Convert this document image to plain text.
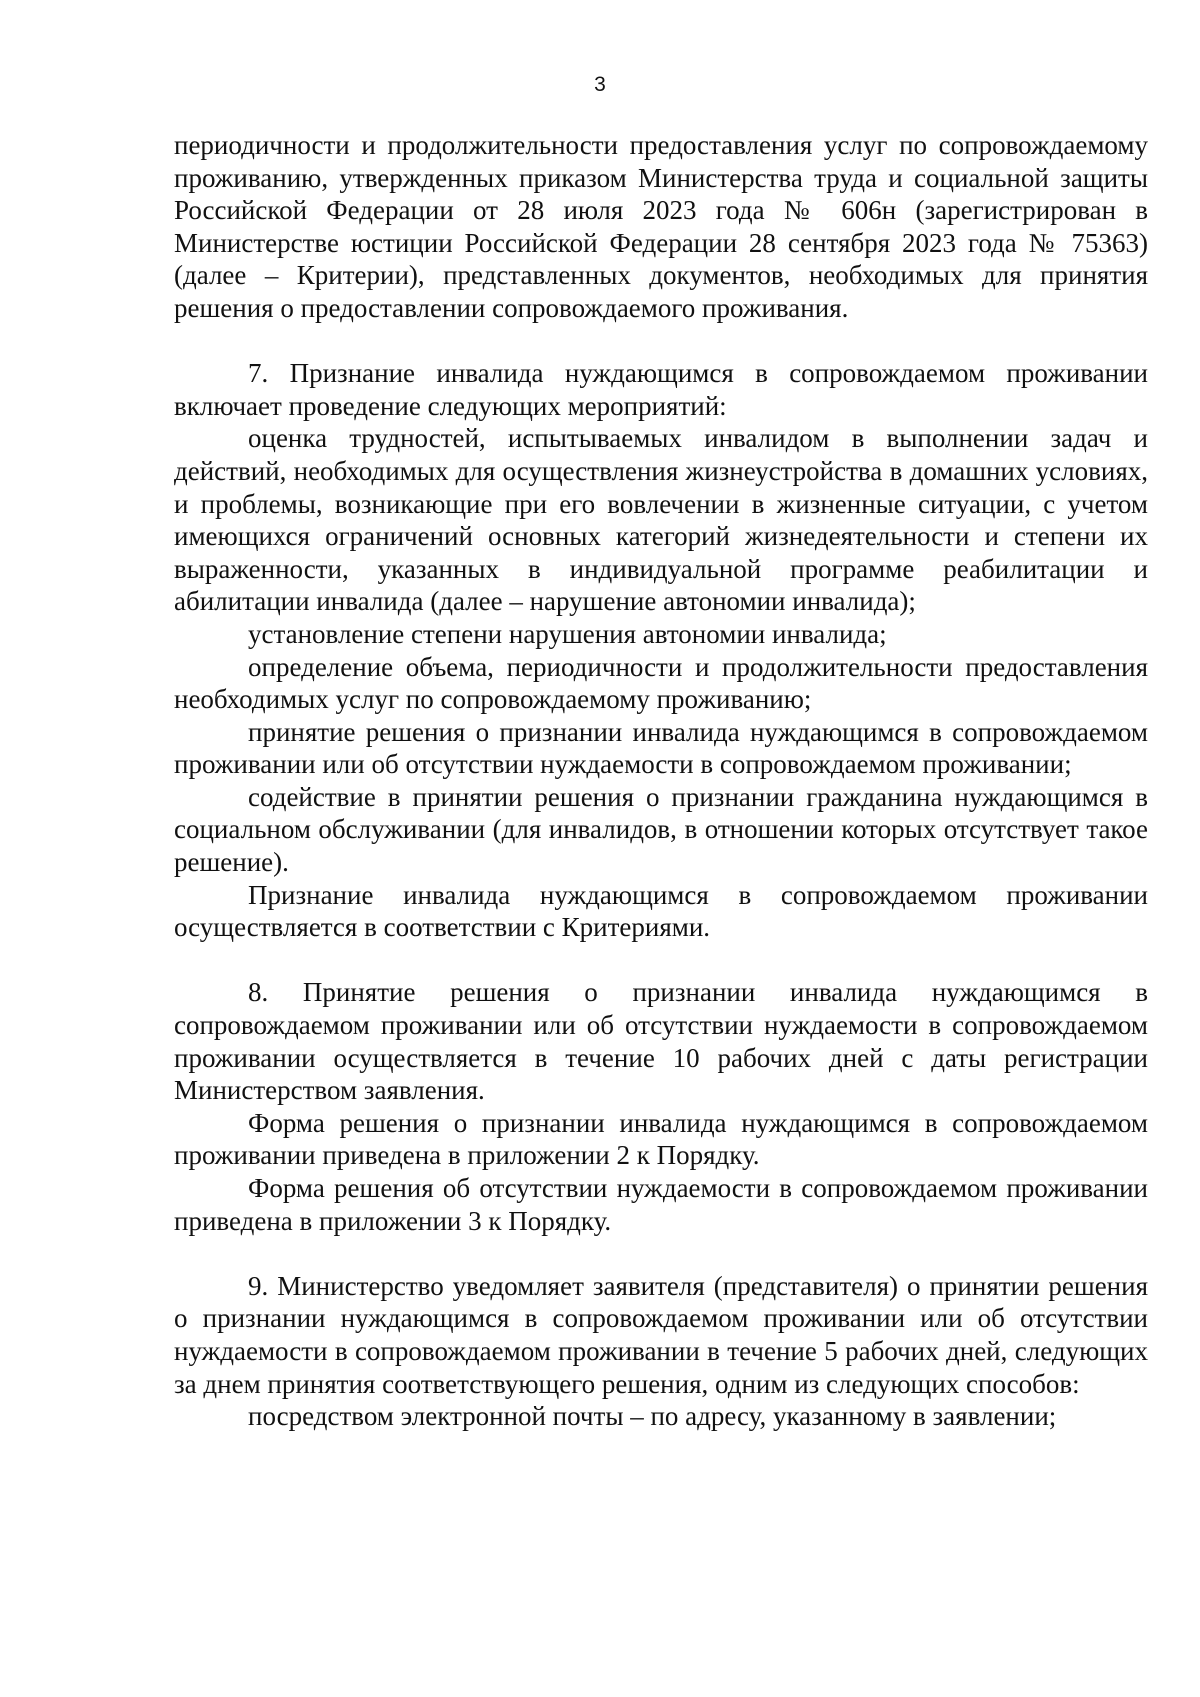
3

периодичности и продолжительности предоставления услуг по сопровождаемому проживанию, утвержденных приказом Министерства труда и социальной защиты Российской Федерации от 28 июля 2023 года № 606н (зарегистрирован в Министерстве юстиции Российской Федерации 28 сентября 2023 года № 75363) (далее – Критерии), представленных документов, необходимых для принятия решения о предоставлении сопровождаемого проживания.

7. Признание инвалида нуждающимся в сопровождаемом проживании включает проведение следующих мероприятий:

оценка трудностей, испытываемых инвалидом в выполнении задач и действий, необходимых для осуществления жизнеустройства в домашних условиях, и проблемы, возникающие при его вовлечении в жизненные ситуации, с учетом имеющихся ограничений основных категорий жизнедеятельности и степени их выраженности, указанных в индивидуальной программе реабилитации и абилитации инвалида (далее – нарушение автономии инвалида);

установление степени нарушения автономии инвалида;

определение объема, периодичности и продолжительности предоставления необходимых услуг по сопровождаемому проживанию;

принятие решения о признании инвалида нуждающимся в сопровождаемом проживании или об отсутствии нуждаемости в сопровождаемом проживании;

содействие в принятии решения о признании гражданина нуждающимся в социальном обслуживании (для инвалидов, в отношении которых отсутствует такое решение).

Признание инвалида нуждающимся в сопровождаемом проживании осуществляется в соответствии с Критериями.

8. Принятие решения о признании инвалида нуждающимся в сопровождаемом проживании или об отсутствии нуждаемости в сопровождаемом проживании осуществляется в течение 10 рабочих дней с даты регистрации Министерством заявления.

Форма решения о признании инвалида нуждающимся в сопровождаемом проживании приведена в приложении 2 к Порядку.

Форма решения об отсутствии нуждаемости в сопровождаемом проживании приведена в приложении 3 к Порядку.

9. Министерство уведомляет заявителя (представителя) о принятии решения о признании нуждающимся в сопровождаемом проживании или об отсутствии нуждаемости в сопровождаемом проживании в течение 5 рабочих дней, следующих за днем принятия соответствующего решения, одним из следующих способов:

посредством электронной почты – по адресу, указанному в заявлении;
